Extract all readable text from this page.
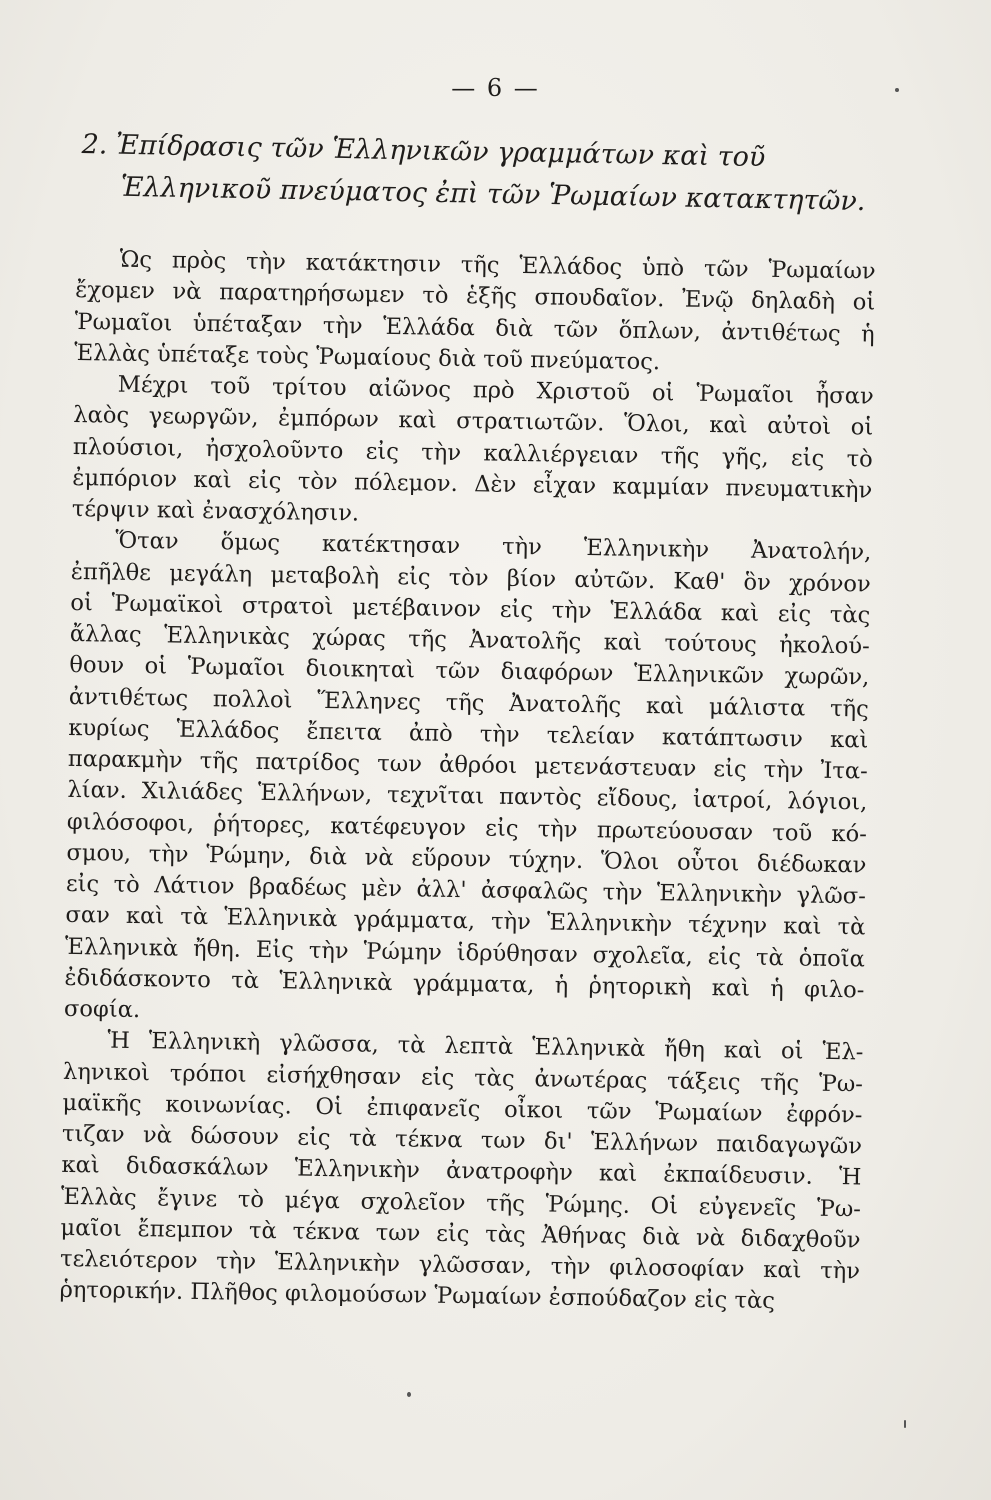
— 6 —
2. Ἐπίδρασις τῶν Ἑλληνικῶν γραμμάτων καὶ τοῦ
Ἑλληνικοῦ πνεύματος ἐπὶ τῶν Ῥωμαίων κατακτητῶν.
Ὡς πρὸς τὴν κατάκτησιν τῆς Ἑλλάδος ὑπὸ τῶν Ῥωμαίων
ἔχομεν νὰ παρατηρήσωμεν τὸ ἑξῆς σπουδαῖον. Ἐνῷ δηλαδὴ οἱ
Ῥωμαῖοι ὑπέταξαν τὴν Ἑλλάδα διὰ τῶν ὅπλων, ἀντιθέτως ἡ
Ἑλλὰς ὑπέταξε τοὺς Ῥωμαίους διὰ τοῦ πνεύματος.
Μέχρι τοῦ τρίτου αἰῶνος πρὸ Χριστοῦ οἱ Ῥωμαῖοι ἦσαν
λαὸς γεωργῶν, ἐμπόρων καὶ στρατιωτῶν. Ὅλοι, καὶ αὐτοὶ οἱ
πλούσιοι, ἠσχολοῦντο εἰς τὴν καλλιέργειαν τῆς γῆς, εἰς τὸ
ἐμπόριον καὶ εἰς τὸν πόλεμον. Δὲν εἶχαν καμμίαν πνευματικὴν
τέρψιν καὶ ἐνασχόλησιν.
Ὅταν ὅμως κατέκτησαν τὴν Ἑλληνικὴν Ἀνατολήν,
ἐπῆλθε μεγάλη μεταβολὴ εἰς τὸν βίον αὐτῶν. Καθ' ὃν χρόνον
οἱ Ῥωμαϊκοὶ στρατοὶ μετέβαινον εἰς τὴν Ἑλλάδα καὶ εἰς τὰς
ἄλλας Ἑλληνικὰς χώρας τῆς Ἀνατολῆς καὶ τούτους ἠκολού-
θουν οἱ Ῥωμαῖοι διοικηταὶ τῶν διαφόρων Ἑλληνικῶν χωρῶν,
ἀντιθέτως πολλοὶ Ἕλληνες τῆς Ἀνατολῆς καὶ μάλιστα τῆς
κυρίως Ἑλλάδος ἔπειτα ἀπὸ τὴν τελείαν κατάπτωσιν καὶ
παρακμὴν τῆς πατρίδος των ἀθρόοι μετενάστευαν εἰς τὴν Ἰτα-
λίαν. Χιλιάδες Ἑλλήνων, τεχνῖται παντὸς εἴδους, ἰατροί, λόγιοι,
φιλόσοφοι, ῥήτορες, κατέφευγον εἰς τὴν πρωτεύουσαν τοῦ κό-
σμου, τὴν Ῥώμην, διὰ νὰ εὕρουν τύχην. Ὅλοι οὗτοι διέδωκαν
εἰς τὸ Λάτιον βραδέως μὲν ἀλλ' ἀσφαλῶς τὴν Ἑλληνικὴν γλῶσ-
σαν καὶ τὰ Ἑλληνικὰ γράμματα, τὴν Ἑλληνικὴν τέχνην καὶ τὰ
Ἑλληνικὰ ἤθη. Εἰς τὴν Ῥώμην ἱδρύθησαν σχολεῖα, εἰς τὰ ὁποῖα
ἐδιδάσκοντο τὰ Ἑλληνικὰ γράμματα, ἡ ῥητορικὴ καὶ ἡ φιλο-
σοφία.
Ἡ Ἑλληνικὴ γλῶσσα, τὰ λεπτὰ Ἑλληνικὰ ἤθη καὶ οἱ Ἑλ-
ληνικοὶ τρόποι εἰσήχθησαν εἰς τὰς ἀνωτέρας τάξεις τῆς Ῥω-
μαϊκῆς κοινωνίας. Οἱ ἐπιφανεῖς οἶκοι τῶν Ῥωμαίων ἐφρόν-
τιζαν νὰ δώσουν εἰς τὰ τέκνα των δι' Ἑλλήνων παιδαγωγῶν
καὶ διδασκάλων Ἑλληνικὴν ἀνατροφὴν καὶ ἐκπαίδευσιν. Ἡ
Ἑλλὰς ἔγινε τὸ μέγα σχολεῖον τῆς Ῥώμης. Οἱ εὐγενεῖς Ῥω-
μαῖοι ἔπεμπον τὰ τέκνα των εἰς τὰς Ἀθήνας διὰ νὰ διδαχθοῦν
τελειότερον τὴν Ἑλληνικὴν γλῶσσαν, τὴν φιλοσοφίαν καὶ τὴν
ῥητορικήν. Πλῆθος φιλομούσων Ῥωμαίων ἐσπούδαζον εἰς τὰς
